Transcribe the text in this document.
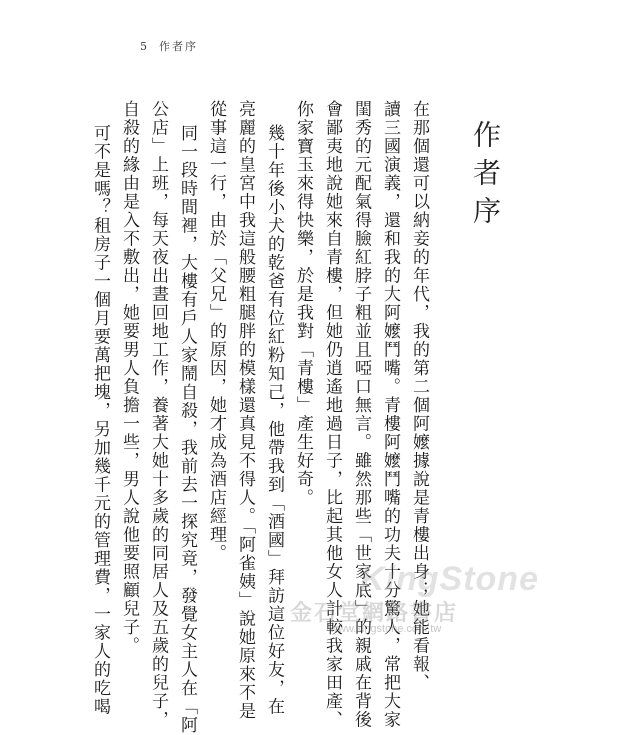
5 作者序
作者序
在那個還可以納妾的年代，我的第二個阿嬤據說是青樓出身；她能看報、
讀三國演義，還和我的大阿嬤鬥嘴。青樓阿嬤鬥嘴的功夫十分驚人，常把大家
閨秀的元配氣得臉紅脖子粗並且啞口無言。雖然那些「世家底」的親戚在背後
會鄙夷地說她來自青樓，但她仍逍遙地過日子，比起其他女人計較我家田產、
你家寶玉來得快樂，於是我對「青樓」產生好奇。
幾十年後小犬的乾爸有位紅粉知己，他帶我到「酒國」拜訪這位好友，在
亮麗的皇宮中我這般腰粗腿胖的模樣還真見不得人。「阿雀姨」說她原來不是
從事這一行，由於「父兄」的原因，她才成為酒店經理。
同一段時間裡，大樓有戶人家鬧自殺，我前去一探究竟，發覺女主人在「阿
公店」上班，每天夜出晝回地工作，養著大她十多歲的同居人及五歲的兒子，
自殺的緣由是入不敷出，她要男人負擔一些，男人說他要照顧兒子。
可不是嗎？租房子一個月要萬把塊，另加幾千元的管理費，一家人的吃喝	KingStone
金石堂網路書店
www.kingstone.com.tw
